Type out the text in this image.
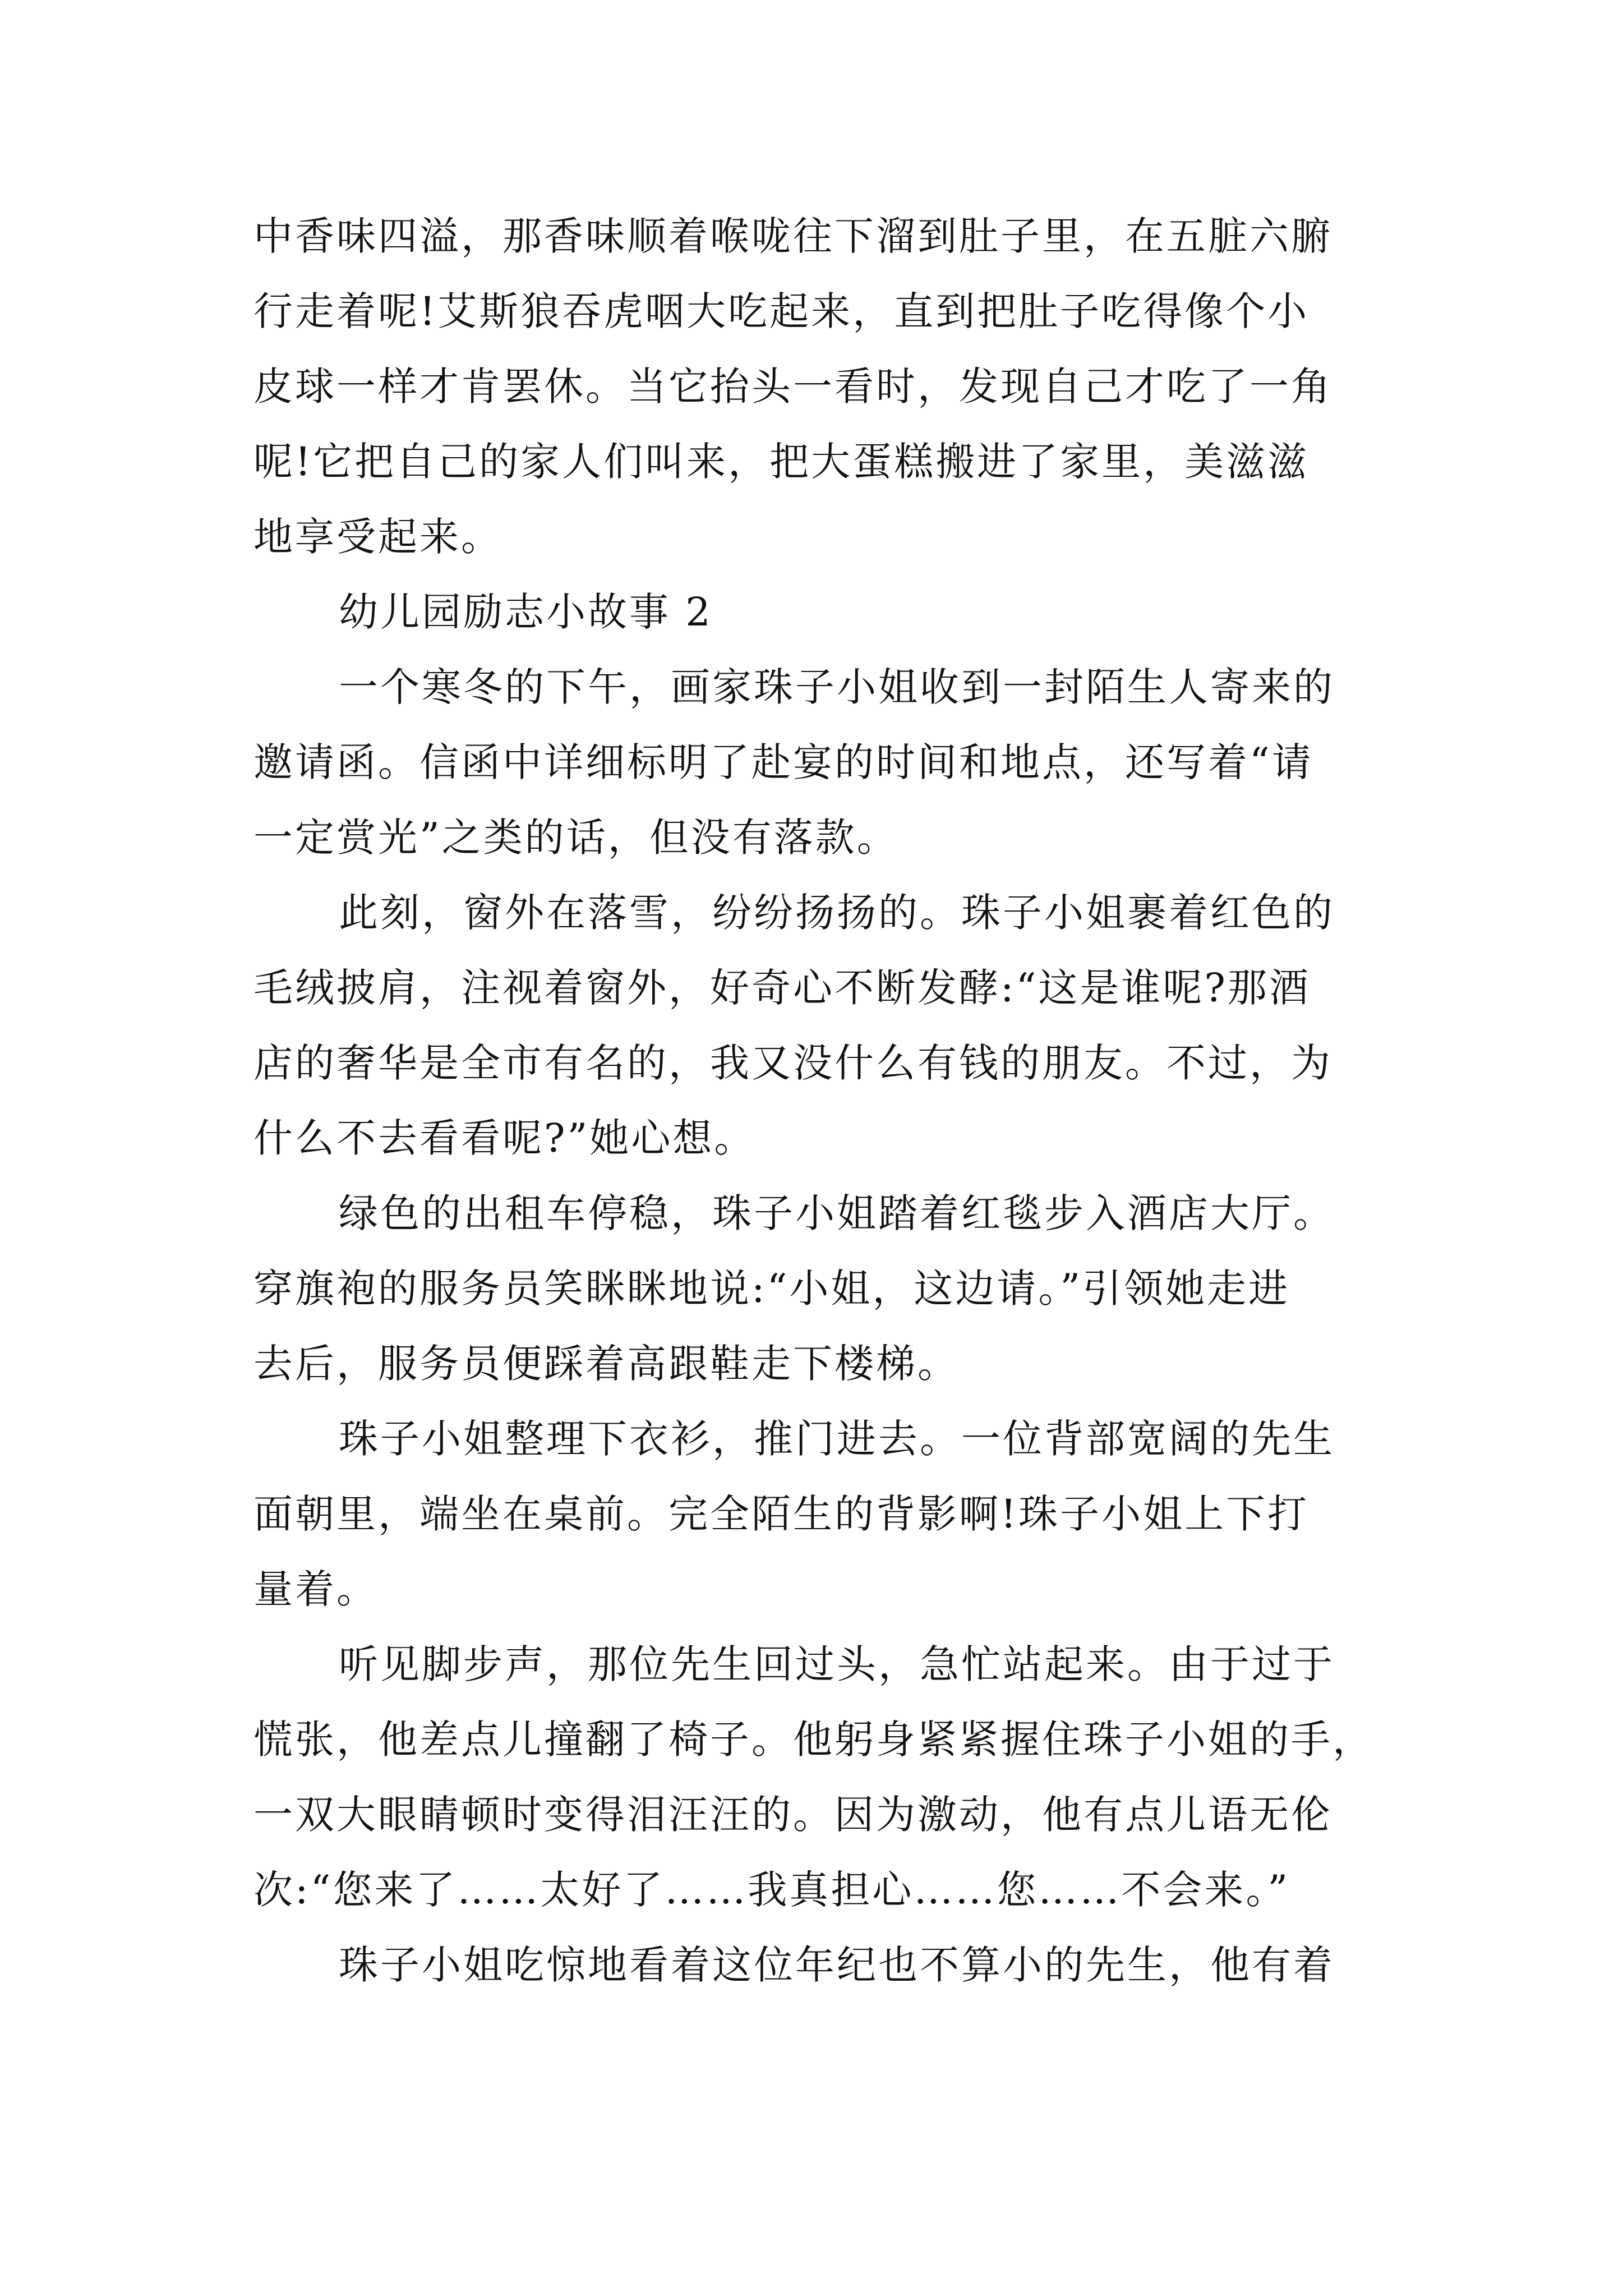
中香味四溢，那香味顺着喉咙往下溜到肚子里，在五脏六腑
行走着呢!艾斯狼吞虎咽大吃起来，直到把肚子吃得像个小
皮球一样才肯罢休。当它抬头一看时，发现自己才吃了一角
呢!它把自己的家人们叫来，把大蛋糕搬进了家里，美滋滋
地享受起来。
幼儿园励志小故事 2
一个寒冬的下午，画家珠子小姐收到一封陌生人寄来的
邀请函。信函中详细标明了赴宴的时间和地点，还写着“请
一定赏光”之类的话，但没有落款。
此刻，窗外在落雪，纷纷扬扬的。珠子小姐裹着红色的
毛绒披肩，注视着窗外，好奇心不断发酵:“这是谁呢?那酒
店的奢华是全市有名的，我又没什么有钱的朋友。不过，为
什么不去看看呢?”她心想。
绿色的出租车停稳，珠子小姐踏着红毯步入酒店大厅。
穿旗袍的服务员笑眯眯地说:“小姐，这边请。”引领她走进
去后，服务员便踩着高跟鞋走下楼梯。
珠子小姐整理下衣衫，推门进去。一位背部宽阔的先生
面朝里，端坐在桌前。完全陌生的背影啊!珠子小姐上下打
量着。
听见脚步声，那位先生回过头，急忙站起来。由于过于
慌张，他差点儿撞翻了椅子。他躬身紧紧握住珠子小姐的手，
一双大眼睛顿时变得泪汪汪的。因为激动，他有点儿语无伦
次:“您来了……太好了……我真担心……您……不会来。”
珠子小姐吃惊地看着这位年纪也不算小的先生，他有着
